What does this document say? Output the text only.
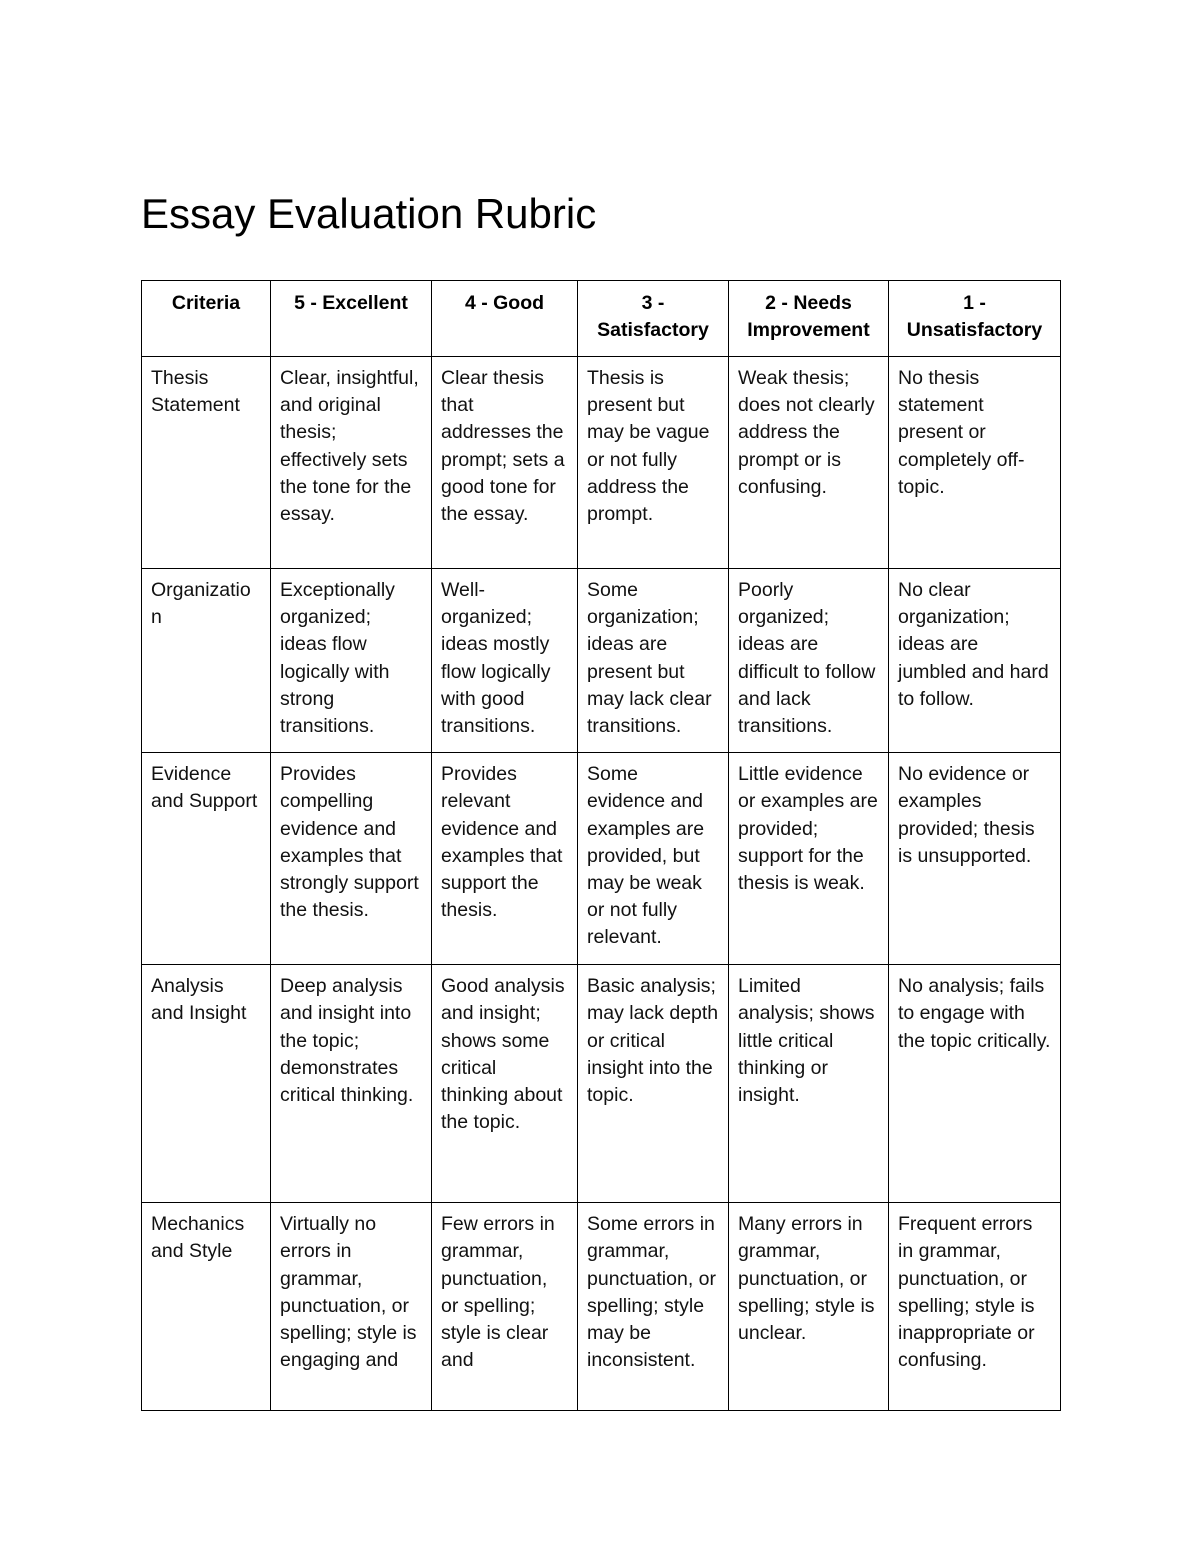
Essay Evaluation Rubric
Criteria	5 - Excellent	4 - Good	3 - Satisfactory	2 - Needs Improvement	1 - Unsatisfactory
Thesis Statement	Clear, insightful, and original thesis; effectively sets the tone for the essay.	Clear thesis that addresses the prompt; sets a good tone for the essay.	Thesis is present but may be vague or not fully address the prompt.	Weak thesis; does not clearly address the prompt or is confusing.	No thesis statement present or completely off-topic.
Organization	Exceptionally organized; ideas flow logically with strong transitions.	Well-organized; ideas mostly flow logically with good transitions.	Some organization; ideas are present but may lack clear transitions.	Poorly organized; ideas are difficult to follow and lack transitions.	No clear organization; ideas are jumbled and hard to follow.
Evidence and Support	Provides compelling evidence and examples that strongly support the thesis.	Provides relevant evidence and examples that support the thesis.	Some evidence and examples are provided, but may be weak or not fully relevant.	Little evidence or examples are provided; support for the thesis is weak.	No evidence or examples provided; thesis is unsupported.
Analysis and Insight	Deep analysis and insight into the topic; demonstrates critical thinking.	Good analysis and insight; shows some critical thinking about the topic.	Basic analysis; may lack depth or critical insight into the topic.	Limited analysis; shows little critical thinking or insight.	No analysis; fails to engage with the topic critically.
Mechanics and Style	Virtually no errors in grammar, punctuation, or spelling; style is engaging and	Few errors in grammar, punctuation, or spelling; style is clear and	Some errors in grammar, punctuation, or spelling; style may be inconsistent.	Many errors in grammar, punctuation, or spelling; style is unclear.	Frequent errors in grammar, punctuation, or spelling; style is inappropriate or confusing.
